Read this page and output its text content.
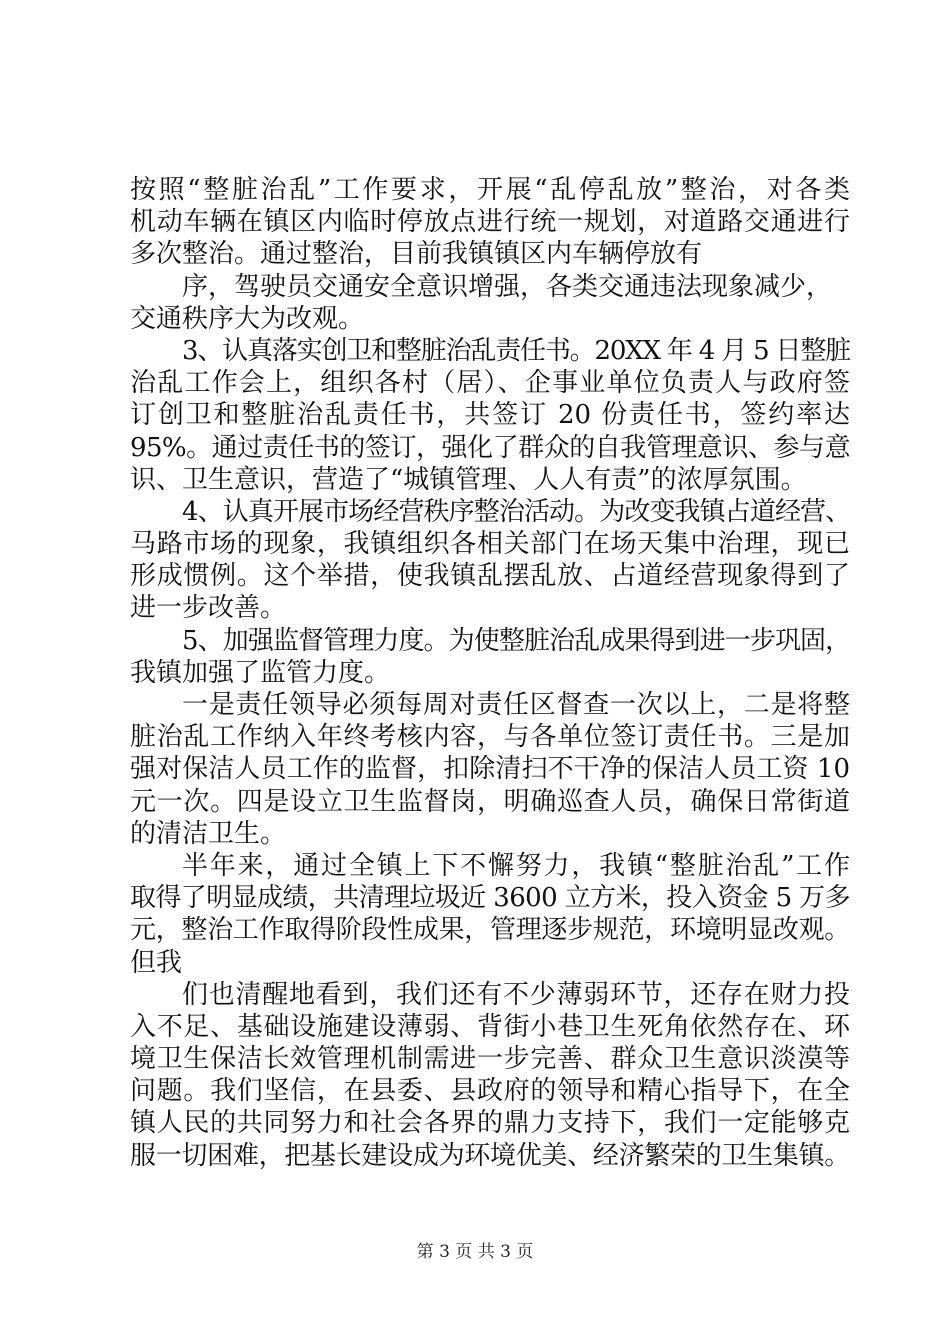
按照“整脏治乱”工作要求，开展“乱停乱放”整治，对各类
机动车辆在镇区内临时停放点进行统一规划，对道路交通进行
多次整治。通过整治，目前我镇镇区内车辆停放有
序，驾驶员交通安全意识增强，各类交通违法现象减少，
交通秩序大为改观。
3、认真落实创卫和整脏治乱责任书。20XX 年 4 月 5 日整脏
治乱工作会上，组织各村（居）、企事业单位负责人与政府签
订创卫和整脏治乱责任书，共签订 20 份责任书，签约率达
95%。通过责任书的签订，强化了群众的自我管理意识、参与意
识、卫生意识，营造了“城镇管理、人人有责”的浓厚氛围。
4、认真开展市场经营秩序整治活动。为改变我镇占道经营、
马路市场的现象，我镇组织各相关部门在场天集中治理，现已
形成惯例。这个举措，使我镇乱摆乱放、占道经营现象得到了
进一步改善。
5、加强监督管理力度。为使整脏治乱成果得到进一步巩固，
我镇加强了监管力度。
一是责任领导必须每周对责任区督查一次以上，二是将整
脏治乱工作纳入年终考核内容，与各单位签订责任书。三是加
强对保洁人员工作的监督，扣除清扫不干净的保洁人员工资 10
元一次。四是设立卫生监督岗，明确巡查人员，确保日常街道
的清洁卫生。
半年来，通过全镇上下不懈努力，我镇“整脏治乱”工作
取得了明显成绩，共清理垃圾近 3600 立方米，投入资金 5 万多
元，整治工作取得阶段性成果，管理逐步规范，环境明显改观。
但我
们也清醒地看到，我们还有不少薄弱环节，还存在财力投
入不足、基础设施建设薄弱、背街小巷卫生死角依然存在、环
境卫生保洁长效管理机制需进一步完善、群众卫生意识淡漠等
问题。我们坚信，在县委、县政府的领导和精心指导下，在全
镇人民的共同努力和社会各界的鼎力支持下，我们一定能够克
服一切困难，把基长建设成为环境优美、经济繁荣的卫生集镇。
第 3 页 共 3 页
